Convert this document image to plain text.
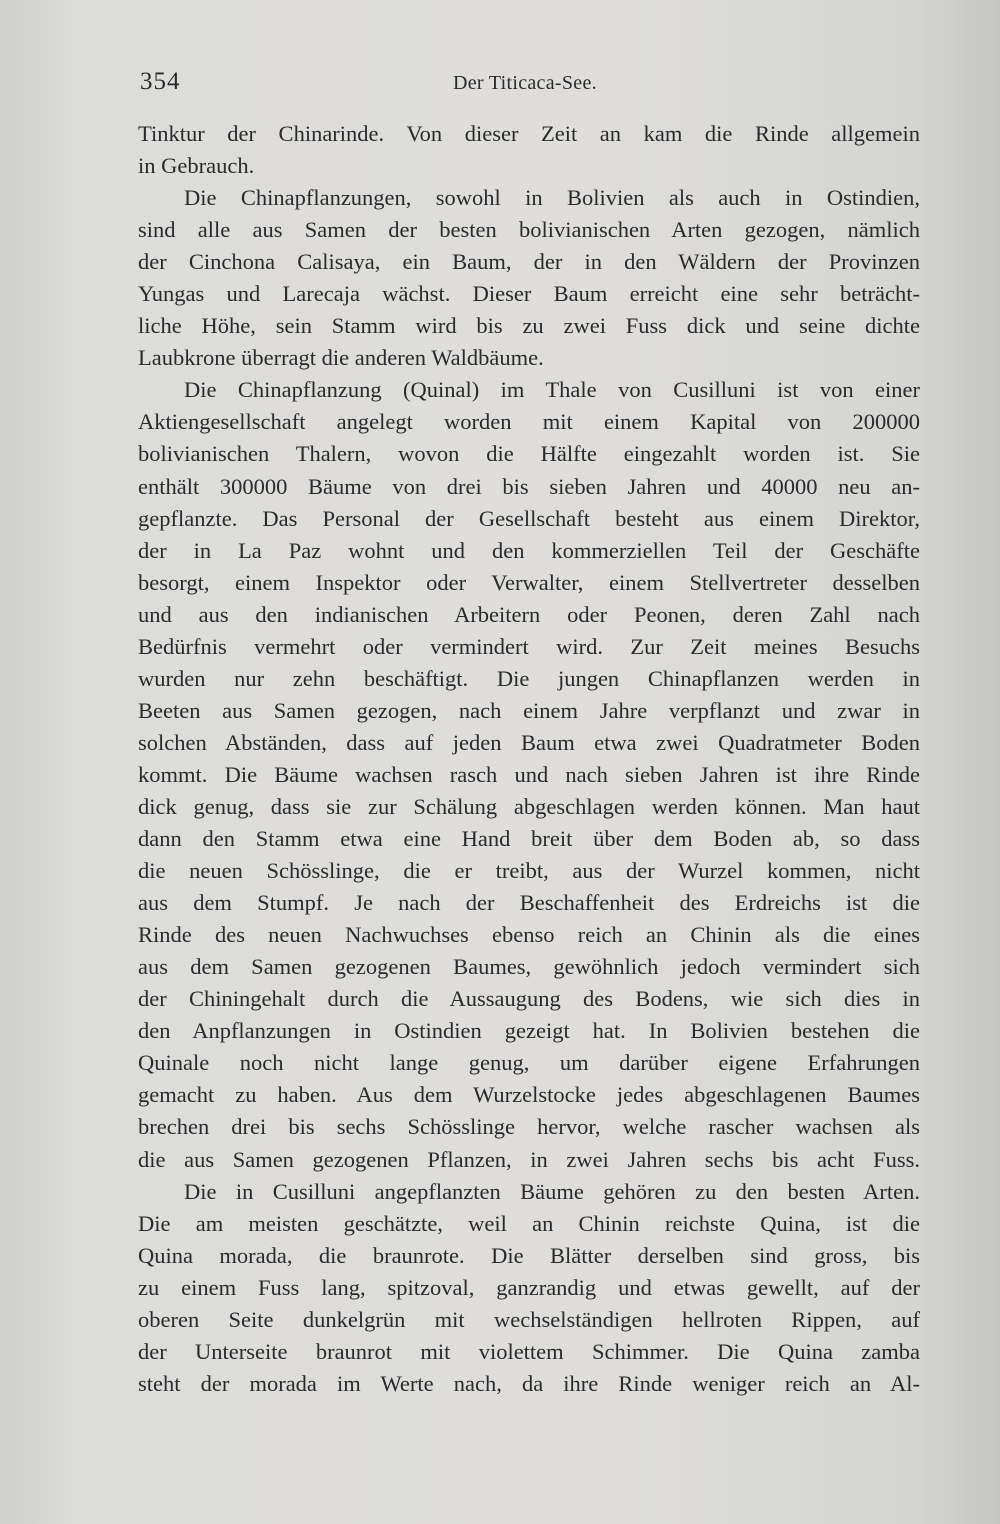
354	Der Titicaca-See.
Tinktur der Chinarinde. Von dieser Zeit an kam die Rinde allgemein
in Gebrauch.
Die Chinapflanzungen, sowohl in Bolivien als auch in Ostindien,
sind alle aus Samen der besten bolivianischen Arten gezogen, nämlich
der Cinchona Calisaya, ein Baum, der in den Wäldern der Provinzen
Yungas und Larecaja wächst. Dieser Baum erreicht eine sehr beträcht-
liche Höhe, sein Stamm wird bis zu zwei Fuss dick und seine dichte
Laubkrone überragt die anderen Waldbäume.
Die Chinapflanzung (Quinal) im Thale von Cusilluni ist von einer
Aktiengesellschaft angelegt worden mit einem Kapital von 200000
bolivianischen Thalern, wovon die Hälfte eingezahlt worden ist. Sie
enthält 300000 Bäume von drei bis sieben Jahren und 40000 neu an-
gepflanzte. Das Personal der Gesellschaft besteht aus einem Direktor,
der in La Paz wohnt und den kommerziellen Teil der Geschäfte
besorgt, einem Inspektor oder Verwalter, einem Stellvertreter desselben
und aus den indianischen Arbeitern oder Peonen, deren Zahl nach
Bedürfnis vermehrt oder vermindert wird. Zur Zeit meines Besuchs
wurden nur zehn beschäftigt. Die jungen Chinapflanzen werden in
Beeten aus Samen gezogen, nach einem Jahre verpflanzt und zwar in
solchen Abständen, dass auf jeden Baum etwa zwei Quadratmeter Boden
kommt. Die Bäume wachsen rasch und nach sieben Jahren ist ihre Rinde
dick genug, dass sie zur Schälung abgeschlagen werden können. Man haut
dann den Stamm etwa eine Hand breit über dem Boden ab, so dass
die neuen Schösslinge, die er treibt, aus der Wurzel kommen, nicht
aus dem Stumpf. Je nach der Beschaffenheit des Erdreichs ist die
Rinde des neuen Nachwuchses ebenso reich an Chinin als die eines
aus dem Samen gezogenen Baumes, gewöhnlich jedoch vermindert sich
der Chiningehalt durch die Aussaugung des Bodens, wie sich dies in
den Anpflanzungen in Ostindien gezeigt hat. In Bolivien bestehen die
Quinale noch nicht lange genug, um darüber eigene Erfahrungen
gemacht zu haben. Aus dem Wurzelstocke jedes abgeschlagenen Baumes
brechen drei bis sechs Schösslinge hervor, welche rascher wachsen als
die aus Samen gezogenen Pflanzen, in zwei Jahren sechs bis acht Fuss.
Die in Cusilluni angepflanzten Bäume gehören zu den besten Arten.
Die am meisten geschätzte, weil an Chinin reichste Quina, ist die
Quina morada, die braunrote. Die Blätter derselben sind gross, bis
zu einem Fuss lang, spitzoval, ganzrandig und etwas gewellt, auf der
oberen Seite dunkelgrün mit wechselständigen hellroten Rippen, auf
der Unterseite braunrot mit violettem Schimmer. Die Quina zamba
steht der morada im Werte nach, da ihre Rinde weniger reich an Al-
